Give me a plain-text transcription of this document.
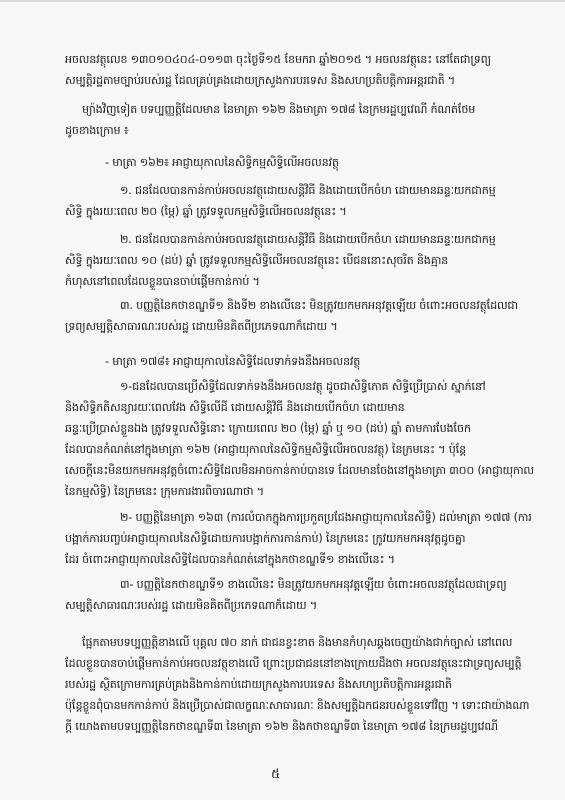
អចលនវត្ថុលេខ ១៣០១០៤០៤-០១១៣ ចុះថ្ងៃទី១៥ ខែមករា ឆ្នាំ២០១៥ ។ អចលនវត្ថុនេះ នៅតែជាទ្រព្យ
សម្បត្តិរដ្ឋ​តាមច្បាប់​របស់រដ្ឋ ដែលគ្រប់គ្រងដោយក្រសួងការបរទេស និងសហប្រតិបត្តិការអន្តរជាតិ ។
ម្យ៉ាងវិញទៀត បទប្បញ្ញត្តិ​ដែលមាន នៃមាត្រា ១៦២ និងមាត្រា ១៧៨ នៃក្រមរដ្ឋប្បវេណី កំណត់ថែម
ដូចខាងក្រោម ៖
- មាត្រា ១៦២៖ អាជ្ញាយុកាលនៃសិទ្ធិ​កម្មសិទ្ធិ​លើអចលនវត្ថុ
១. ជនដែលបានកាន់កាប់អចលនវត្ថុដោយសន្តិវិធី និងដោយបើកចំហ ដោយមានឆន្ទៈយកជាកម្ម
សិទ្ធិ ក្នុងរយៈពេល ២០ (ម្ភៃ) ឆ្នាំ ត្រូវទទួលកម្មសិទ្ធិលើអចលនវត្ថុនេះ ។
២. ជនដែលបានកាន់កាប់អចលនវត្ថុដោយសន្តិវិធី និងដោយបើកចំហ ដោយមានឆន្ទៈយកជាកម្ម
សិទ្ធិ ក្នុងរយៈពេល ១០ (ដប់) ឆ្នាំ ត្រូវទទួលកម្មសិទ្ធិលើអចលនវត្ថុនេះ បើជននោះសុចរិត និងគ្មាន
កំហុសនៅពេលដែលខ្លួនបានចាប់ផ្តើមកាន់កាប់ ។
៣. បញ្ញត្តិនៃកថាខណ្ឌទី១ និងទី២ ខាងលើនេះ មិនត្រូវយកមកអនុវត្តឡើយ ចំពោះអចលនវត្ថុដែលជា
ទ្រព្យសម្បត្តិសាធារណៈរបស់រដ្ឋ ​ដោយមិនគិតពីប្រភេទណាក៏ដោយ ។
- មាត្រា ១៧៨៖ អាជ្ញាយុកាលនៃសិទ្ធិ​ដែលទាក់ទងនឹងអចលនវត្ថុ
១-ជនដែលបានប្រើសិទ្ធិដែលទាក់ទងនឹងអចលនវត្ថុ ដូចជាសិទ្ធិ​ភោគ សិទ្ធិប្រើប្រាស់ ស្នាក់នៅ
និងសិទ្ធិភតិសន្យារយៈពេលវែង សិទ្ធិលើដី ដោយសន្តិវិធី និងដោយបើកចំហ ដោយមាន
ឆន្ទៈប្រើប្រាស់ខ្លួនឯង ត្រូវទទួលសិទ្ធិនោះ ក្រោយពេល ២០ (ម្ភៃ) ឆ្នាំ ឬ ១០ (ដប់) ឆ្នាំ តាមការបែងចែក
ដែលបានកំណត់នៅក្នុងមាត្រា ១៦២ (អាជ្ញាយុកាលនៃសិទ្ធិកម្មសិទ្ធិលើអចលនវត្ថុ) នៃក្រមនេះ ។ ប៉ុន្តែ
សេចក្តីនេះមិនយកមកអនុវត្តចំពោះសិទ្ធិ​ដែលមិនអាចកាន់កាប់បានទេ ដែលមានចែងនៅក្នុងមាត្រា ៣០០ (អាជ្ញាយុកាល
នៃកម្មសិទ្ធិ) នៃក្រមនេះ ក្រុមការងារពិចារណាថា ។
២- បញ្ញត្តិនៃមាត្រា ១៦៣ (ការលំបាកក្នុងការប្រកួតប្រជែងអាជ្ញាយុកាលនៃសិទ្ធិ) ដល់មាត្រា ១៧៧ (ការ
បង្អាក់ការបញ្ចប់អាជ្ញាយុកាលនៃសិទ្ធិ​ដោយការបង្អាក់ការកាន់កាប់) នៃក្រមនេះ ក្រូវយកមកអនុវត្តដូចគ្នា
ដែរ ចំពោះអាជ្ញាយុកាលនៃសិទ្ធិ​ដែលបានកំណត់នៅក្នុងកថាខណ្ឌទី១ ខាងលើនេះ ។
៣- បញ្ញត្តិនៃកថាខណ្ឌទី១ ខាងលើនេះ មិនត្រូវយកមកអនុវត្តឡើយ ចំពោះអចលនវត្ថុដែលជាទ្រព្យ
សម្បត្តិសាធារណៈរបស់រដ្ឋ ​ដោយមិនគិតពីប្រភេទណាក៏ដោយ ។
ផ្អែកតាមបទប្បញ្ញត្តិខាងលើ បុគ្គល ៧០ នាក់ ជាជនខ្វះខាត និងមានកំហុសឆ្គងចេញយ៉ាងជាក់ច្បាស់ នៅពេល
ដែលខ្លួនបានចាប់ផ្តើមកាន់កាប់អចលនវត្ថុខាងលើ ព្រោះប្រជាជននៅខាងក្រោយដឹងថា អចលនវត្ថុនេះជាទ្រព្យសម្បត្តិ
របស់រដ្ឋ ស្ថិតក្រោមការគ្រប់គ្រងនិងកាន់កាប់ដោយក្រសួងការបរទេស និងសហប្រតិបត្តិការអន្តរជាតិ
ប៉ុន្តែខ្លួនពុំបានមកកាន់កាប់ និងប្រើប្រាស់ជាលក្ខណៈសាធារណៈ និងសម្បត្តិឯកជនរបស់ខ្លួនទៅវិញ ។ ទោះជាយ៉ាងណា
ក្តី យោងតាមបទប្បញ្ញត្តិនៃកថាខណ្ឌទី៣ នៃមាត្រា ១៦២ និងកថាខណ្ឌទី៣ នៃមាត្រា ១៧៨ នៃក្រមរដ្ឋប្បវេណី
៥
